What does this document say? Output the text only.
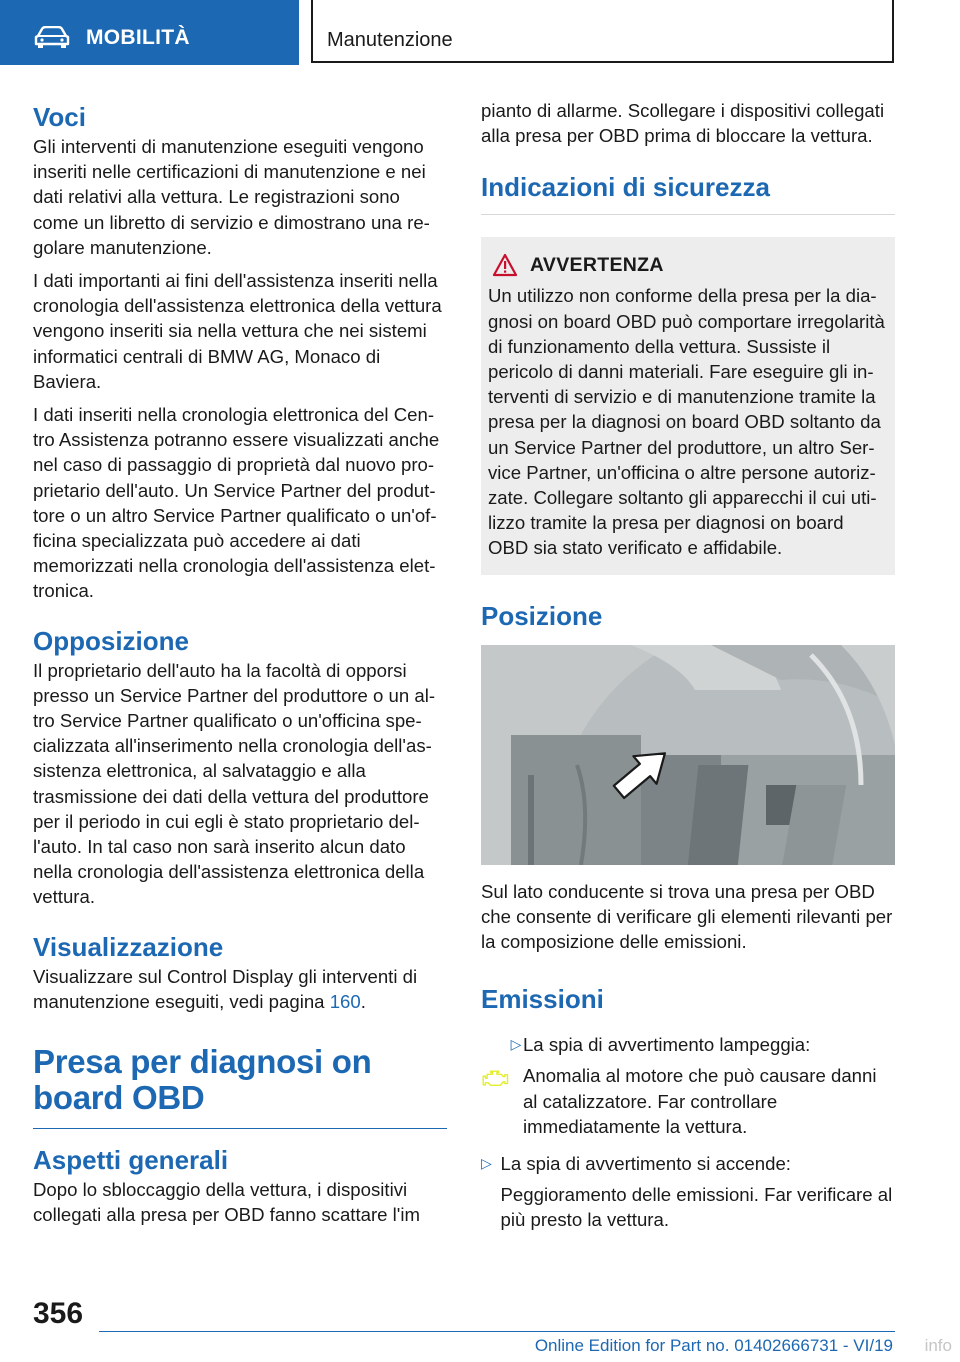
MOBILITÀ	Manutenzione
Voci

Gli interventi di manutenzione eseguiti vengono inseriti nelle certificazioni di manutenzione e nei dati relativi alla vettura. Le registrazioni sono come un libretto di servizio e dimostrano una regolare manutenzione.

I dati importanti ai fini dell'assistenza inseriti nella cronologia dell'assistenza elettronica della vettura vengono inseriti sia nella vettura che nei sistemi informatici centrali di BMW AG, Monaco di Baviera.

I dati inseriti nella cronologia elettronica del Centro Assistenza potranno essere visualizzati anche nel caso di passaggio di proprietà dal nuovo proprietario dell'auto. Un Service Partner del produttore o un altro Service Partner qualificato o un'officina specializzata può accedere ai dati memorizzati nella cronologia dell'assistenza elettronica.

Opposizione

Il proprietario dell'auto ha la facoltà di opporsi presso un Service Partner del produttore o un altro Service Partner qualificato o un'officina specializzata all'inserimento nella cronologia dell'assistenza elettronica, al salvataggio e alla trasmissione dei dati della vettura del produttore per il periodo in cui egli è stato proprietario dell'auto. In tal caso non sarà inserito alcun dato nella cronologia dell'assistenza elettronica della vettura.

Visualizzazione

Visualizzare sul Control Display gli interventi di manutenzione eseguiti, vedi pagina 160.

Presa per diagnosi on board OBD
Aspetti generali

Dopo lo sbloccaggio della vettura, i dispositivi collegati alla presa per OBD fanno scattare l'im

pianto di allarme. Scollegare i dispositivi collegati alla presa per OBD prima di bloccare la vettura.

Indicazioni di sicurezza
AVVERTENZA

Un utilizzo non conforme della presa per la diagnosi on board OBD può comportare irregolarità di funzionamento della vettura. Sussiste il pericolo di danni materiali. Fare eseguire gli interventi di servizio e di manutenzione tramite la presa per la diagnosi on board OBD soltanto da un Service Partner del produttore, un altro Service Partner, un'officina o altre persone autorizzate. Collegare soltanto gli apparecchi il cui utilizzo tramite la presa per diagnosi on board OBD sia stato verificato e affidabile.

Posizione

Sul lato conducente si trova una presa per OBD che consente di verificare gli elementi rilevanti per la composizione delle emissioni.

Emissioni
▷ La spia di avvertimento lampeggia:

Anomalia al motore che può causare danni al catalizzatore. Far controllare immediatamente la vettura.

▷ La spia di avvertimento si accende:

Peggioramento delle emissioni. Far verificare al più presto la vettura.

356
Online Edition for Part no. 01402666731 - VI/19 info
